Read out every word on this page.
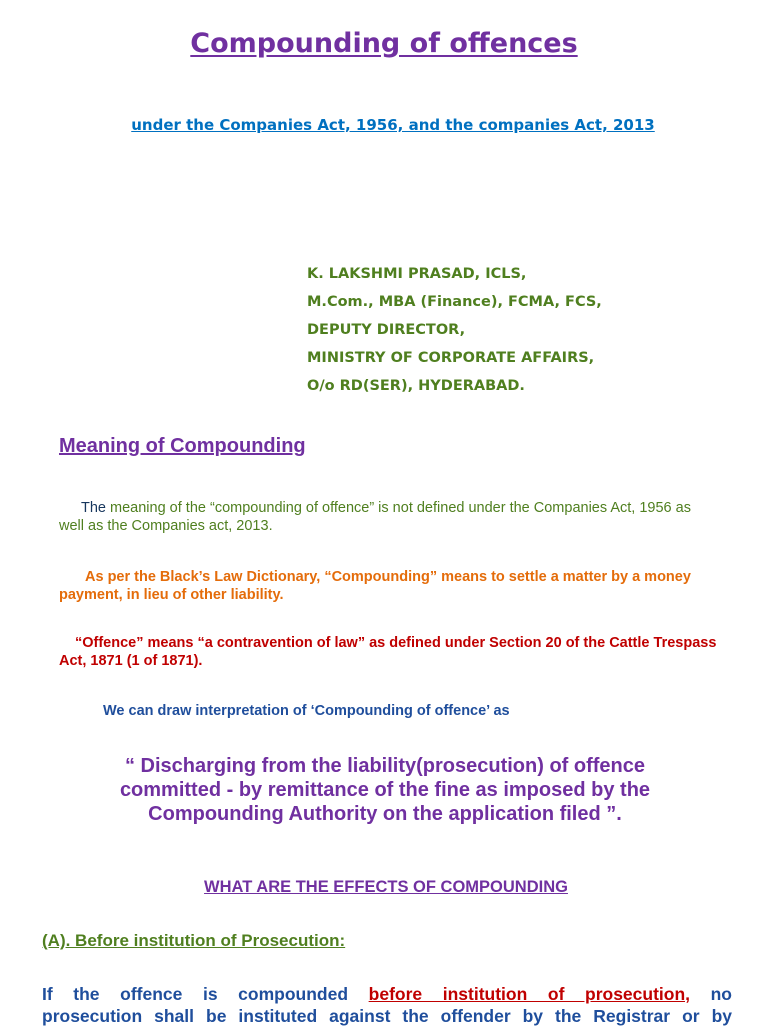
Compounding of offences
under the Companies Act, 1956, and the companies Act, 2013
K. LAKSHMI PRASAD, ICLS,
M.Com., MBA (Finance), FCMA, FCS,
DEPUTY DIRECTOR,
MINISTRY OF CORPORATE AFFAIRS,
O/o RD(SER), HYDERABAD.
Meaning of Compounding
The meaning of the “compounding of offence” is not defined under the Companies Act, 1956 as well as the Companies act, 2013.
As per the Black’s Law Dictionary, “Compounding” means to settle a matter by a money payment, in lieu of other liability.
“Offence” means “a contravention of law” as defined under Section 20 of the Cattle Trespass Act, 1871 (1 of 1871).
We can draw interpretation of ‘Compounding of offence’ as
“ Discharging from the liability(prosecution) of offence
committed - by remittance of the fine as imposed by the
Compounding Authority on the application filed ”.
WHAT ARE THE EFFECTS OF COMPOUNDING
(A). Before institution of Prosecution:
If the offence is compounded before institution of prosecution, no
prosecution shall be instituted against the offender by the Registrar or by
